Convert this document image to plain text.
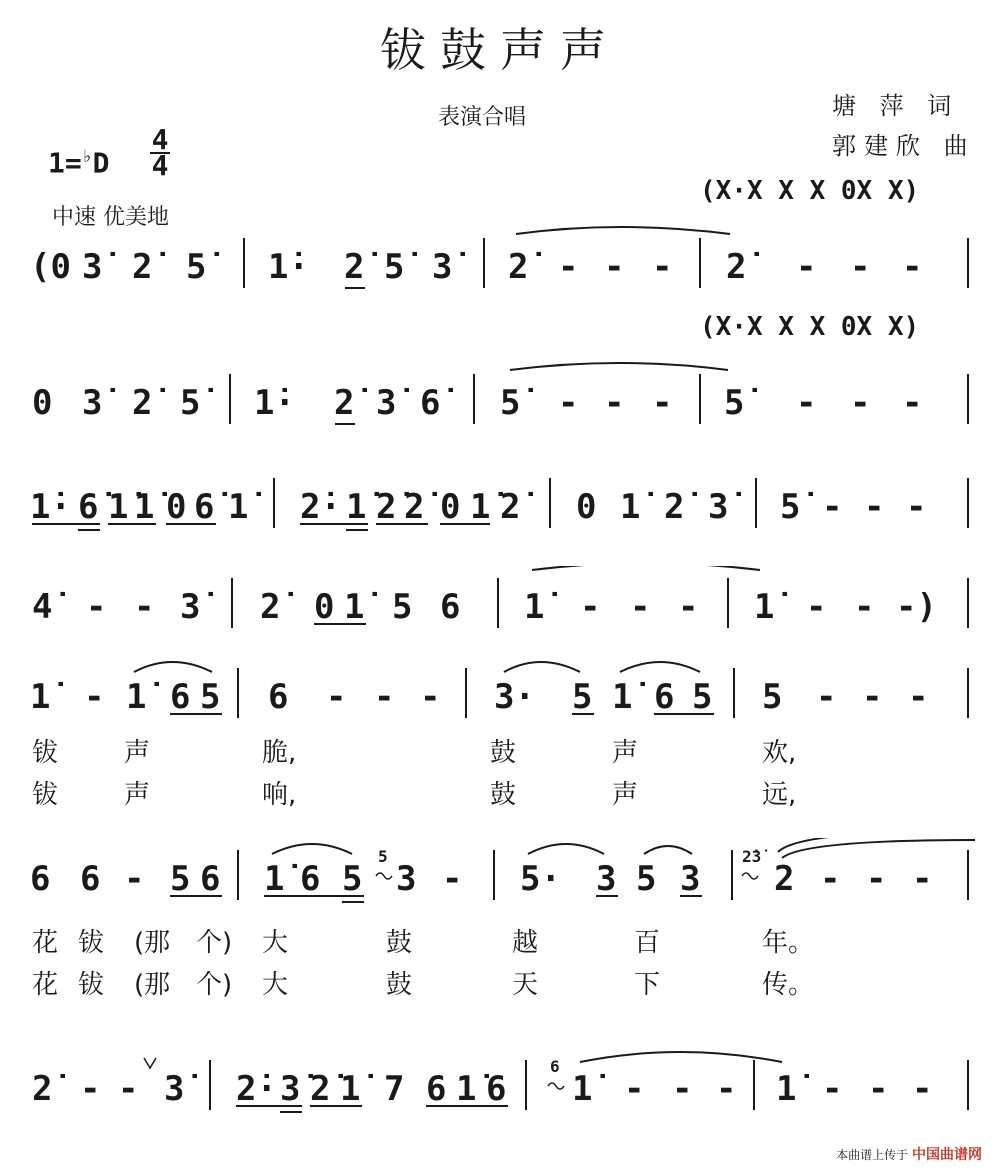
钹鼓声声
表演合唱	塘 萍 词
郭建欣 曲
$1=^♭D \frac{4}{4}$
中速 优美地
(X·X X X 0X X)
(0 3̇ 2̇ 5̇	1̇· 2̇ 5̇ 3̇	2̇ - - - 2̇	- - -
(X·X X X 0X X)
0 3̇ 2̇ 5̇	1̇· 2̇ 3̇ 6̇	5̇	- - - 5̇	- - -
1̇· 6̇ 1̇ 1̇ 0 6̇ 1̇	2̇· 1̇ 2̇ 2̇ 0 1̇ 2̇	0 1̇ 2̇ 3̇	5̇ - - -
4̇ - - 3̇	2̇ 0 1̇ 5 6 1̇	- - - 1̇ - - -)
1̇ - 1̇ 6 5 6 - - - 3· 5 1̇ 6 5 5 - - -
钹	声	脆,	鼓	声	欢,
钹	声	响,	鼓	声	远,
6 6 - 5 6 1̇ 6 5 3 -
5
5· 3 5 3
2̇3̇
2 - - -
花 钹 (那 个) 大	鼓	越	百	年。
花 钹 (那 个) 大	鼓	天	下	传。
2̇ - - 3̇	2̇· 3̇ 2̇ 1̇ 7 6 1̇ 6
6
1̇ - - - 1̇ - - -
本曲谱上传于 中国曲谱网
